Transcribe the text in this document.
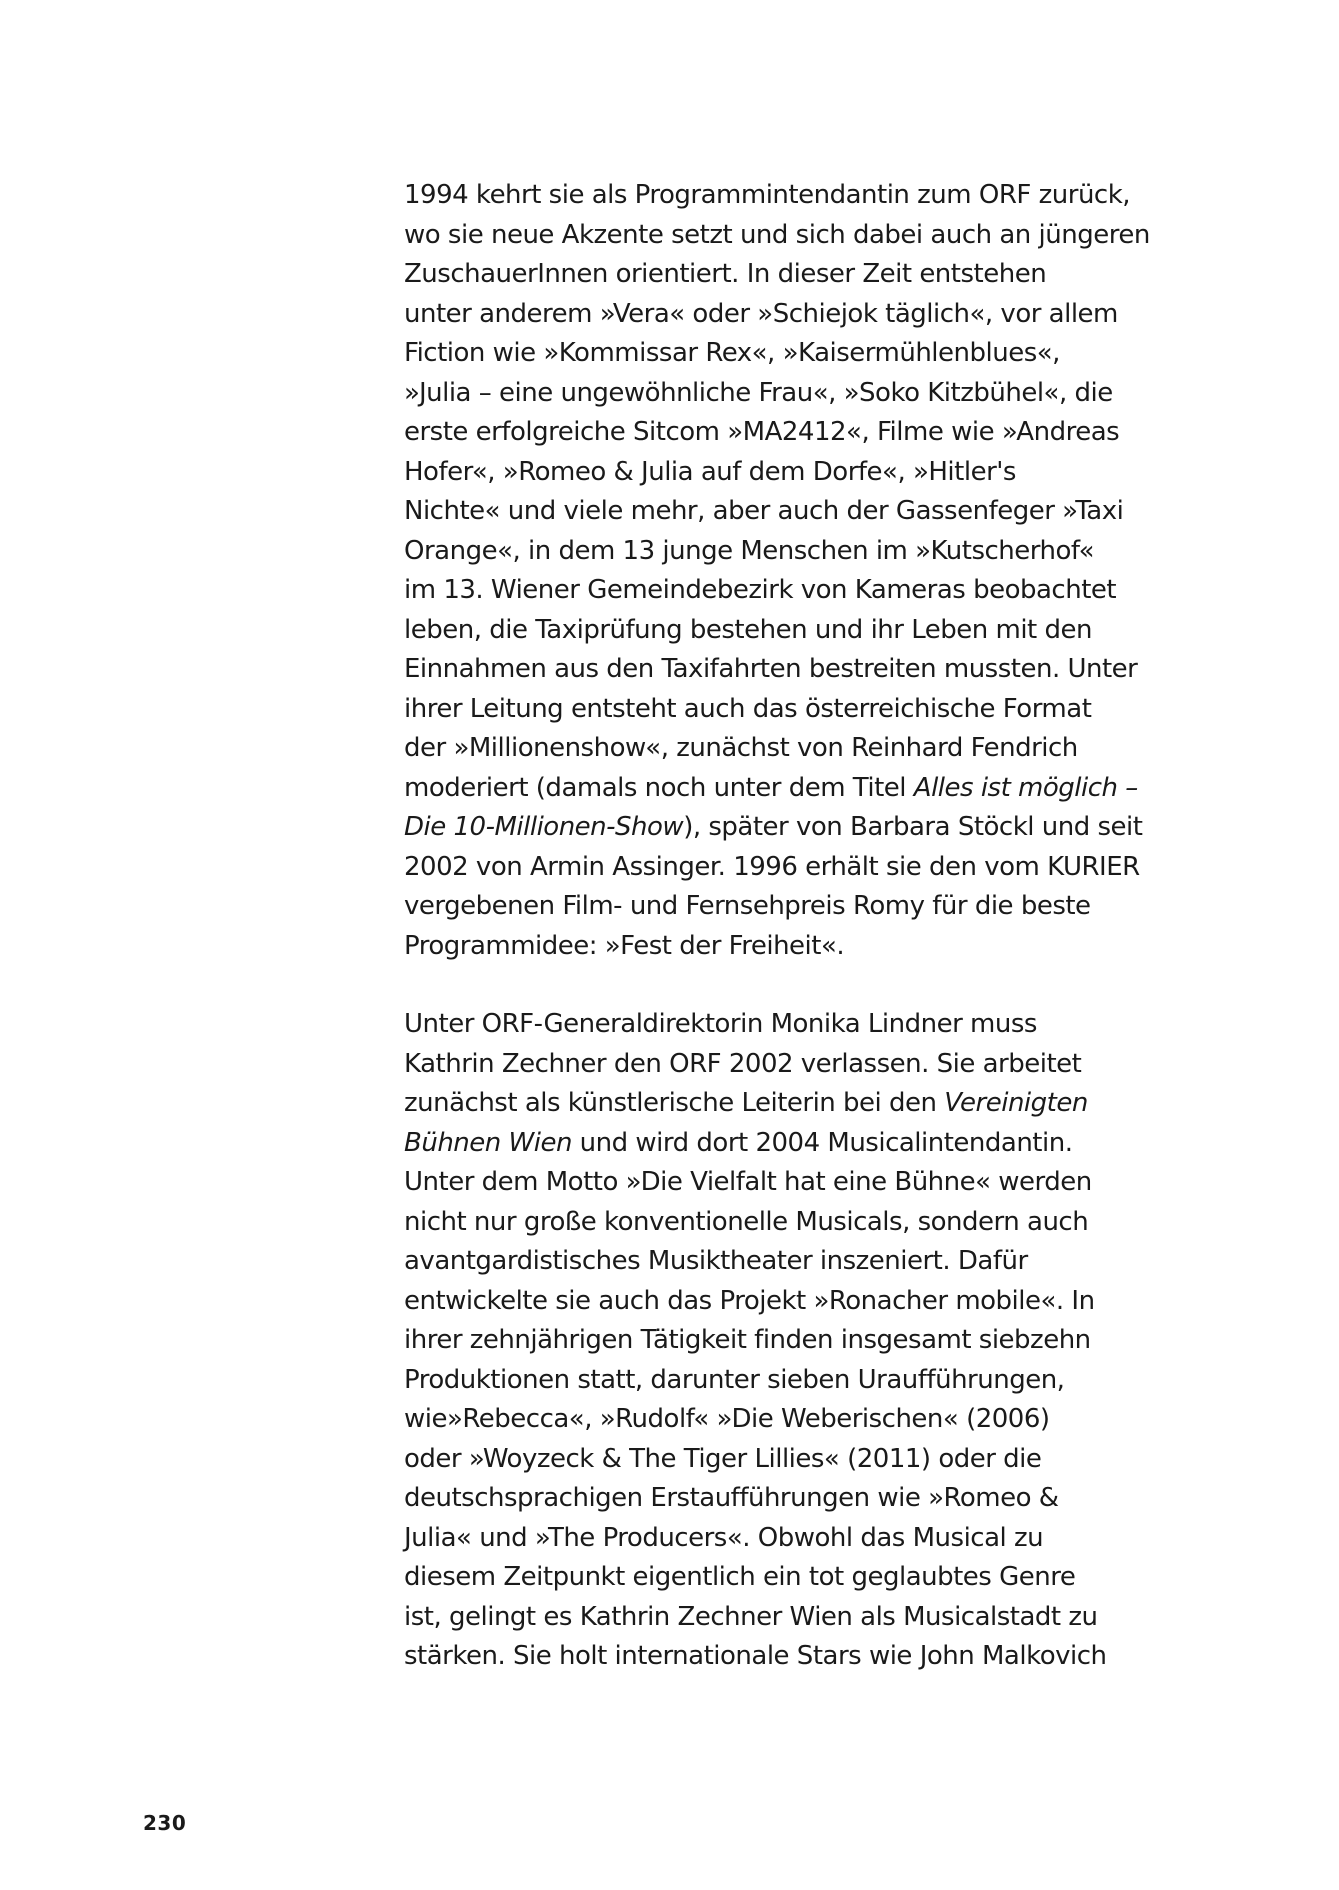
1994 kehrt sie als Programmintendantin zum ORF zurück,
wo sie neue Akzente setzt und sich dabei auch an jüngeren
ZuschauerInnen orientiert. In dieser Zeit entstehen
unter anderem »Vera« oder »Schiejok täglich«, vor allem
Fiction wie »Kommissar Rex«, »Kaisermühlenblues«,
»Julia – eine ungewöhnliche Frau«, »Soko Kitzbühel«, die
erste erfolgreiche Sitcom »MA2412«, Filme wie »Andreas
Hofer«, »Romeo & Julia auf dem Dorfe«, »Hitler's
Nichte« und viele mehr, aber auch der Gassenfeger »Taxi
Orange«, in dem 13 junge Menschen im »Kutscherhof«
im 13. Wiener Gemeindebezirk von Kameras beobachtet
leben, die Taxiprüfung bestehen und ihr Leben mit den
Einnahmen aus den Taxifahrten bestreiten mussten. Unter
ihrer Leitung entsteht auch das österreichische Format
der »Millionenshow«, zunächst von Reinhard Fendrich
moderiert (damals noch unter dem Titel Alles ist möglich –
Die 10-Millionen-Show), später von Barbara Stöckl und seit
2002 von Armin Assinger. 1996 erhält sie den vom KURIER
vergebenen Film- und Fernsehpreis Romy für die beste
Programmidee: »Fest der Freiheit«.

Unter ORF-Generaldirektorin Monika Lindner muss
Kathrin Zechner den ORF 2002 verlassen. Sie arbeitet
zunächst als künstlerische Leiterin bei den Vereinigten
Bühnen Wien und wird dort 2004 Musicalintendantin.
Unter dem Motto »Die Vielfalt hat eine Bühne« werden
nicht nur große konventionelle Musicals, sondern auch
avantgardistisches Musiktheater inszeniert. Dafür
entwickelte sie auch das Projekt »Ronacher mobile«. In
ihrer zehnjährigen Tätigkeit finden insgesamt siebzehn
Produktionen statt, darunter sieben Uraufführungen,
wie»Rebecca«, »Rudolf« »Die Weberischen« (2006)
oder »Woyzeck & The Tiger Lillies« (2011) oder die
deutschsprachigen Erstaufführungen wie »Romeo &
Julia« und »The Producers«. Obwohl das Musical zu
diesem Zeitpunkt eigentlich ein tot geglaubtes Genre
ist, gelingt es Kathrin Zechner Wien als Musicalstadt zu
stärken. Sie holt internationale Stars wie John Malkovich

230
